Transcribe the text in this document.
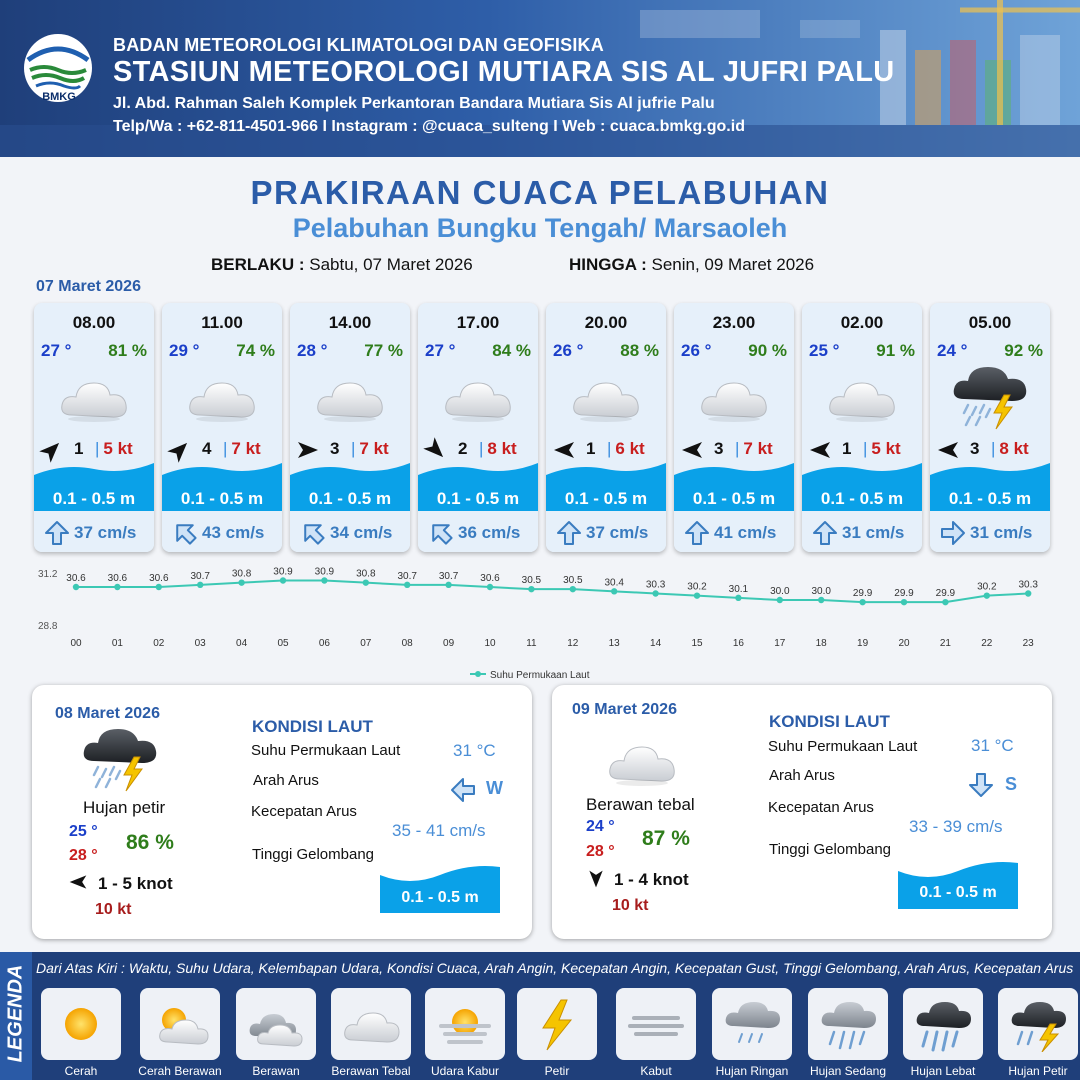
BMKG
BADAN METEOROLOGI KLIMATOLOGI DAN GEOFISIKA
STASIUN METEOROLOGI MUTIARA SIS AL JUFRI PALU
Jl. Abd. Rahman Saleh Komplek Perkantoran Bandara Mutiara Sis Al jufrie Palu
Telp/Wa : +62-811-4501-966 I Instagram : @cuaca_sulteng I Web : cuaca.bmkg.go.id
PRAKIRAAN CUACA PELABUHAN
Pelabuhan Bungku Tengah/ Marsaoleh
BERLAKU : Sabtu, 07 Maret 2026	HINGGA : Senin, 09 Maret 2026
07 Maret 2026
08.00
27 ° 81 %
1 | 5 kt
0.1 - 0.5 m
37 cm/s
11.00
29 ° 74 %
4 | 7 kt
0.1 - 0.5 m
43 cm/s
14.00
28 ° 77 %
3 | 7 kt
0.1 - 0.5 m
34 cm/s
17.00
27 ° 84 %
2 | 8 kt
0.1 - 0.5 m
36 cm/s
20.00
26 ° 88 %
1 | 6 kt
0.1 - 0.5 m
37 cm/s
23.00
26 ° 90 %
3 | 7 kt
0.1 - 0.5 m
41 cm/s
02.00
25 ° 91 %
1 | 5 kt
0.1 - 0.5 m
31 cm/s
05.00
24 ° 92 %
3 | 8 kt
0.1 - 0.5 m
31 cm/s
31.2
28.8
30.6 30.6 30.6 30.7 30.8 30.9 30.9 30.8 30.7 30.7 30.6 30.5 30.5 30.4 30.3 30.2 30.1 30.0 30.0 29.9 29.9 29.9
30.2 30.3
00	01	02	03	04	05	06	07	08	09	10	11	12	13	14	15	16	17	18	19	20	21	22	23
Suhu Permukaan Laut
08 Maret 2026
Hujan petir
25 °
28 °
86 %
1 - 5 knot
10 kt
KONDISI LAUT
Suhu Permukaan Laut	31 °C
Arah Arus	W
Kecepatan Arus
35 - 41 cm/s
Tinggi Gelombang
0.1 - 0.5 m
09 Maret 2026
Berawan tebal
24 °
28 °
87 %
1 - 4 knot
10 kt
KONDISI LAUT
Suhu Permukaan Laut	31 °C
Arah Arus	S
Kecepatan Arus
33 - 39 cm/s
Tinggi Gelombang
0.1 - 0.5 m
LEGENDA Dari Atas Kiri : Waktu, Suhu Udara, Kelembapan Udara, Kondisi Cuaca, Arah Angin, Kecepatan Angin, Kecepatan Gust, Tinggi Gelombang, Arah Arus, Kecepatan Arus
Cerah	Cerah Berawan	Berawan	Berawan Tebal	Udara Kabur	Petir	Kabut	Hujan Ringan	Hujan Sedang	Hujan Lebat	Hujan Petir
